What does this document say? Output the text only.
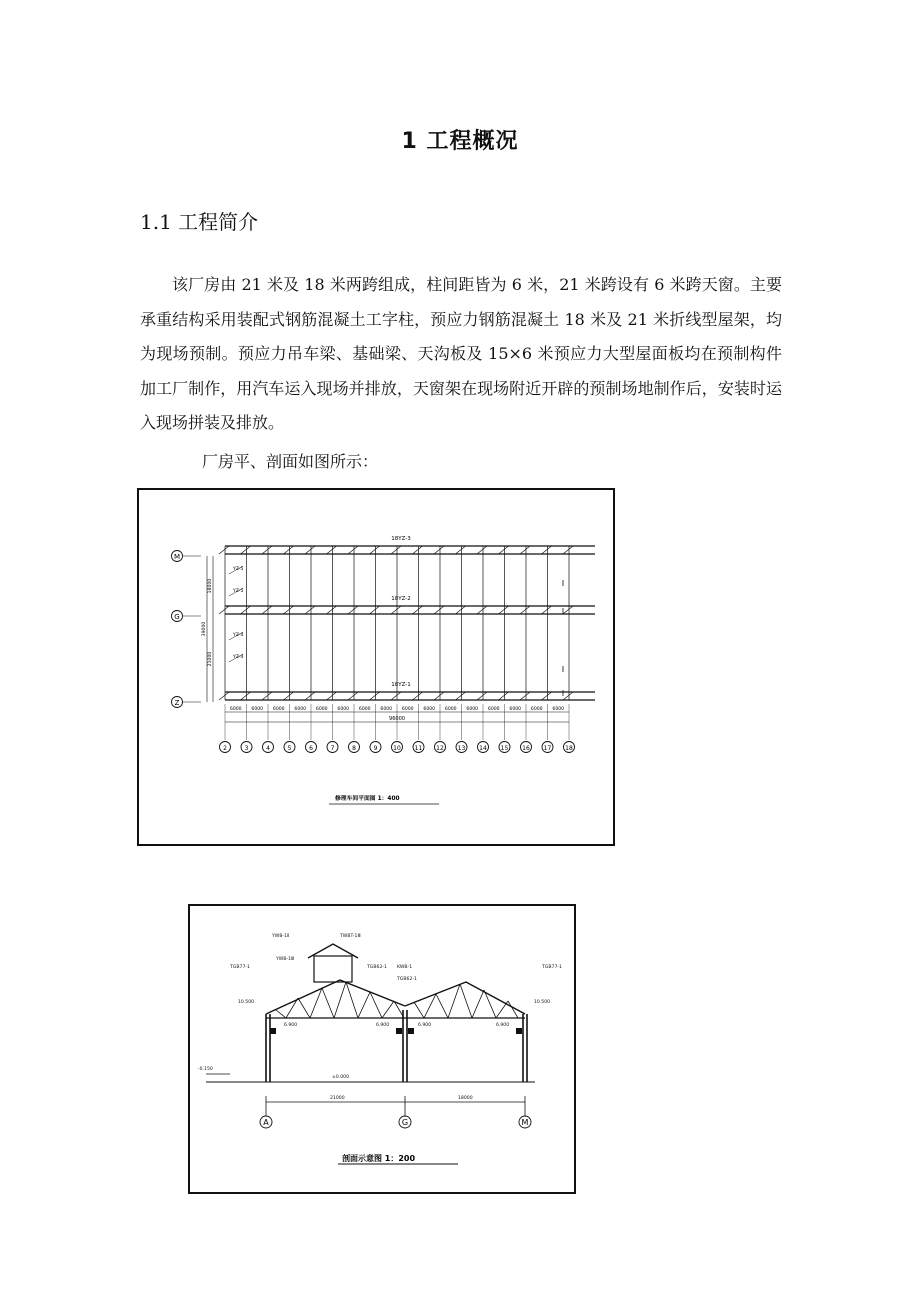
1 工程概况
1.1 工程简介

该厂房由 21 米及 18 米两跨组成，柱间距皆为 6 米，21 米跨设有 6 米跨天窗。主要承重结构采用装配式钢筋混凝土工字柱，预应力钢筋混凝土 18 米及 21 米折线型屋架，均为现场预制。预应力吊车梁、基础梁、天沟板及 15×6 米预应力大型屋面板均在预制构件加工厂制作，用汽车运入现场并排放，天窗架在现场附近开辟的预制场地制作后，安装时运入现场拼装及排放。

厂房平、剖面如图所示：
M
18YZ-3
G
18YZ-2
Z
18YZ-1
2	3	4	5	6	7	8	9	10 11 12 13 14 15 16 17 18
6000 6000 6000 6000 6000 6000 6000 6000 6000 6000 6000 6000 6000 6000 6000 6000
96000
18000
39000
21000
YZ-5
YZ-5
YZ-4
YZ-4
修理车间平面图 1：400
A	G	M
YWB-1Ⅱ	TWBT-1Ⅲ
YWB-1Ⅲ
TGB77-1	TGB62-1 KWB-1
TGB62-1
TGB77-1
10.500	10.500
6.900	6.900	6.900	6.900
-0.150
±0.000
21000	18000
剖面示意图 1：200
